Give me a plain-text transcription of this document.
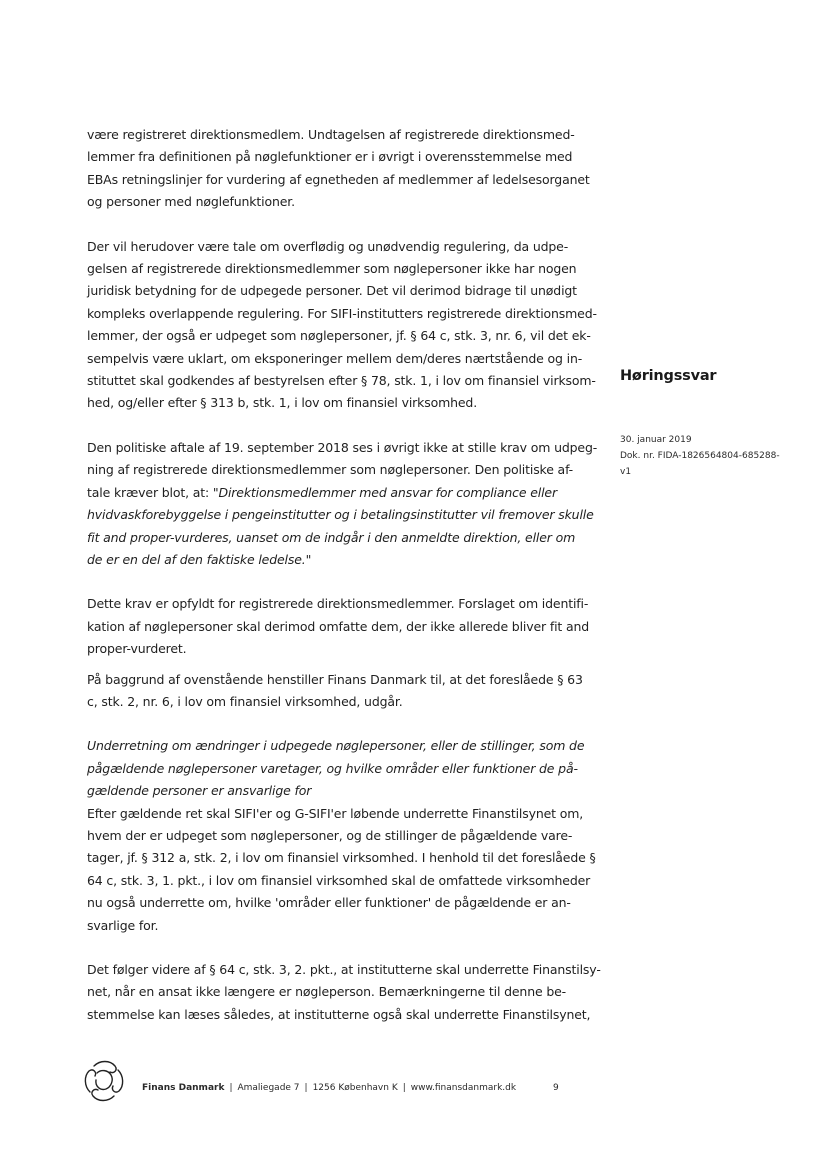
være registreret direktionsmedlem. Undtagelsen af registrerede direktionsmed-
lemmer fra definitionen på nøglefunktioner er i øvrigt i overensstemmelse med
EBAs retningslinjer for vurdering af egnetheden af medlemmer af ledelsesorganet
og personer med nøglefunktioner.

Der vil herudover være tale om overflødig og unødvendig regulering, da udpe-
gelsen af registrerede direktionsmedlemmer som nøglepersoner ikke har nogen
juridisk betydning for de udpegede personer. Det vil derimod bidrage til unødigt
kompleks overlappende regulering. For SIFI-institutters registrerede direktionsmed-
lemmer, der også er udpeget som nøglepersoner, jf. § 64 c, stk. 3, nr. 6, vil det ek-
sempelvis være uklart, om eksponeringer mellem dem/deres nærtstående og in-
stituttet skal godkendes af bestyrelsen efter § 78, stk. 1, i lov om finansiel virksom-
hed, og/eller efter § 313 b, stk. 1, i lov om finansiel virksomhed.

Den politiske aftale af 19. september 2018 ses i øvrigt ikke at stille krav om udpeg-
ning af registrerede direktionsmedlemmer som nøglepersoner. Den politiske af-
tale kræver blot, at: "Direktionsmedlemmer med ansvar for compliance eller
hvidvaskforebyggelse i pengeinstitutter og i betalingsinstitutter vil fremover skulle
fit and proper-vurderes, uanset om de indgår i den anmeldte direktion, eller om
de er en del af den faktiske ledelse."

Dette krav er opfyldt for registrerede direktionsmedlemmer. Forslaget om identifi-
kation af nøglepersoner skal derimod omfatte dem, der ikke allerede bliver fit and
proper-vurderet.

På baggrund af ovenstående henstiller Finans Danmark til, at det foreslåede § 63
c, stk. 2, nr. 6, i lov om finansiel virksomhed, udgår.

Underretning om ændringer i udpegede nøglepersoner, eller de stillinger, som de
pågældende nøglepersoner varetager, og hvilke områder eller funktioner de på-
gældende personer er ansvarlige for

Efter gældende ret skal SIFI'er og G-SIFI'er løbende underrette Finanstilsynet om,
hvem der er udpeget som nøglepersoner, og de stillinger de pågældende vare-
tager, jf. § 312 a, stk. 2, i lov om finansiel virksomhed. I henhold til det foreslåede §
64 c, stk. 3, 1. pkt., i lov om finansiel virksomhed skal de omfattede virksomheder
nu også underrette om, hvilke 'områder eller funktioner' de pågældende er an-
svarlige for.

Det følger videre af § 64 c, stk. 3, 2. pkt., at institutterne skal underrette Finanstilsy-
net, når en ansat ikke længere er nøgleperson. Bemærkningerne til denne be-
stemmelse kan læses således, at institutterne også skal underrette Finanstilsynet,

Høringssvar
30. januar 2019
Dok. nr. FIDA-1826564804-685288-
v1
Finans Danmark | Amaliegade 7 | 1256 København K | www.finansdanmark.dk	9
